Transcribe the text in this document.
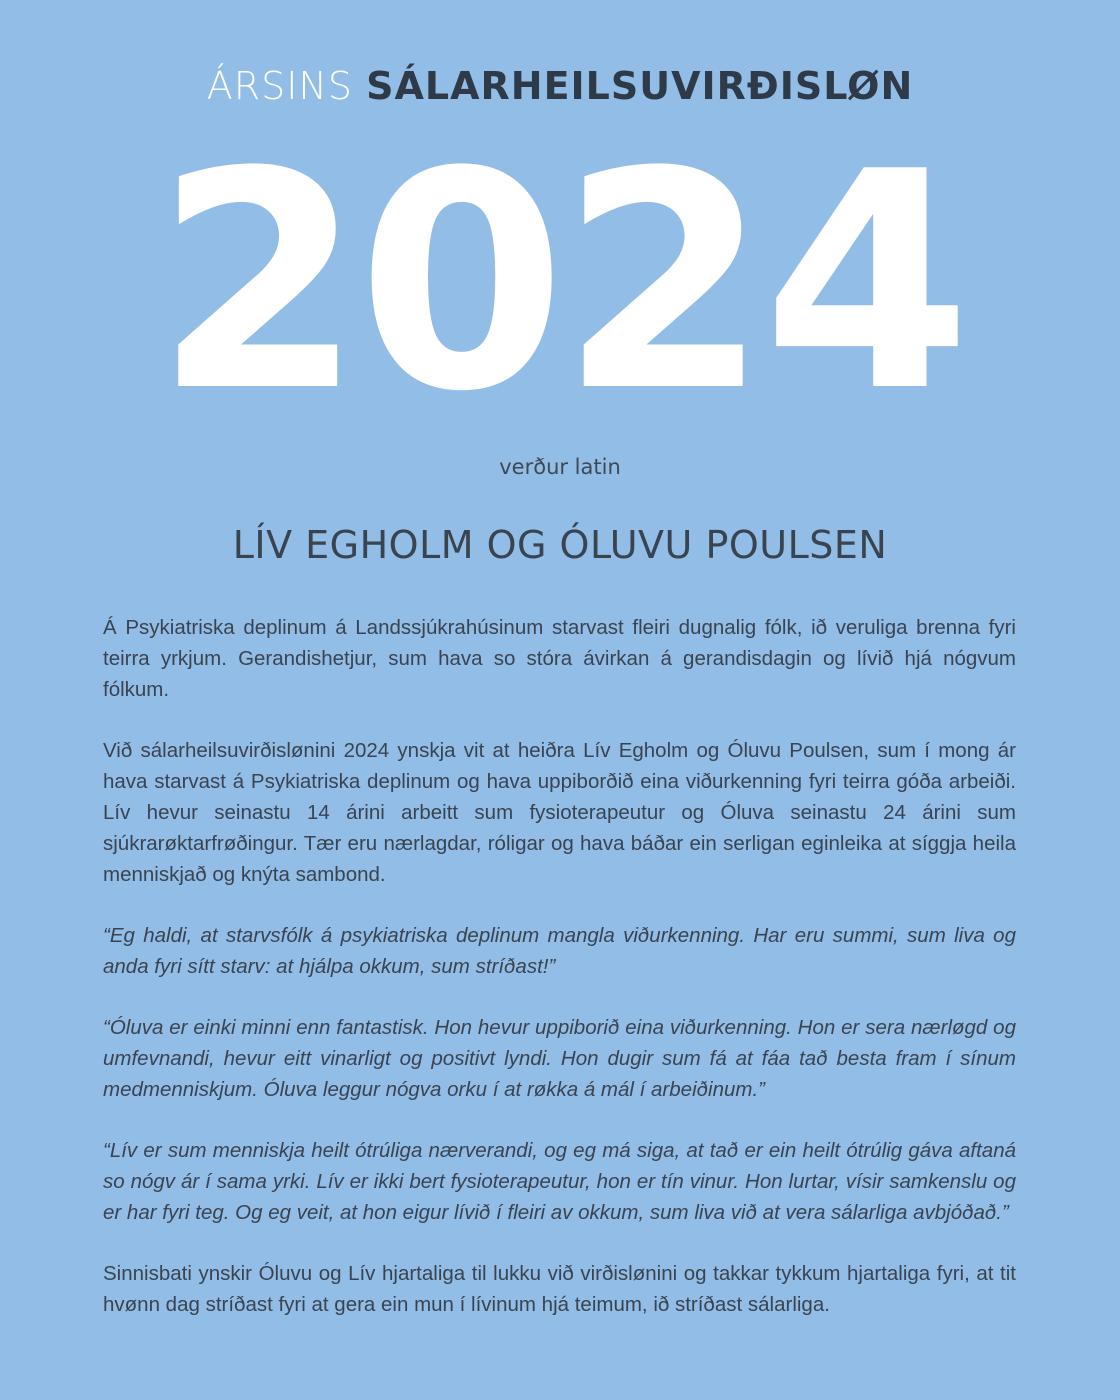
ÁRSINS SÁLARHEILSUVIRÐISLØN
2024
verður latin
LÍV EGHOLM OG ÓLUVU POULSEN

Á Psykiatriska deplinum á Landssjúkrahúsinum starvast fleiri dugnalig fólk, ið veruliga brenna fyri teirra yrkjum. Gerandishetjur, sum hava so stóra ávirkan á gerandisdagin og lívið hjá nógvum fólkum.

Við sálarheilsuvirðislønini 2024 ynskja vit at heiðra Lív Egholm og Óluvu Poulsen, sum í mong ár hava starvast á Psykiatriska deplinum og hava uppiborðið eina viðurkenning fyri teirra góða arbeiði. Lív hevur seinastu 14 árini arbeitt sum fysioterapeutur og Óluva seinastu 24 árini sum sjúkrarøktarfrøðingur. Tær eru nærlagdar, róligar og hava báðar ein serligan eginleika at síggja heila menniskjað og knýta sambond.

“Eg haldi, at starvsfólk á psykiatriska deplinum mangla viðurkenning. Har eru summi, sum liva og anda fyri sítt starv: at hjálpa okkum, sum stríðast!”

“Óluva er einki minni enn fantastisk. Hon hevur uppiborið eina viðurkenning. Hon er sera nærløgd og umfevnandi, hevur eitt vinarligt og positivt lyndi. Hon dugir sum fá at fáa tað besta fram í sínum medmenniskjum. Óluva leggur nógva orku í at røkka á mál í arbeiðinum.”

“Lív er sum menniskja heilt ótrúliga nærverandi, og eg má siga, at tað er ein heilt ótrúlig gáva aftaná so nógv ár í sama yrki. Lív er ikki bert fysioterapeutur, hon er tín vinur. Hon lurtar, vísir samkenslu og er har fyri teg. Og eg veit, at hon eigur lívið í fleiri av okkum, sum liva við at vera sálarliga avbjóðað.”

Sinnisbati ynskir Óluvu og Lív hjartaliga til lukku við virðislønini og takkar tykkum hjartaliga fyri, at tit hvønn dag stríðast fyri at gera ein mun í lívinum hjá teimum, ið stríðast sálarliga.
